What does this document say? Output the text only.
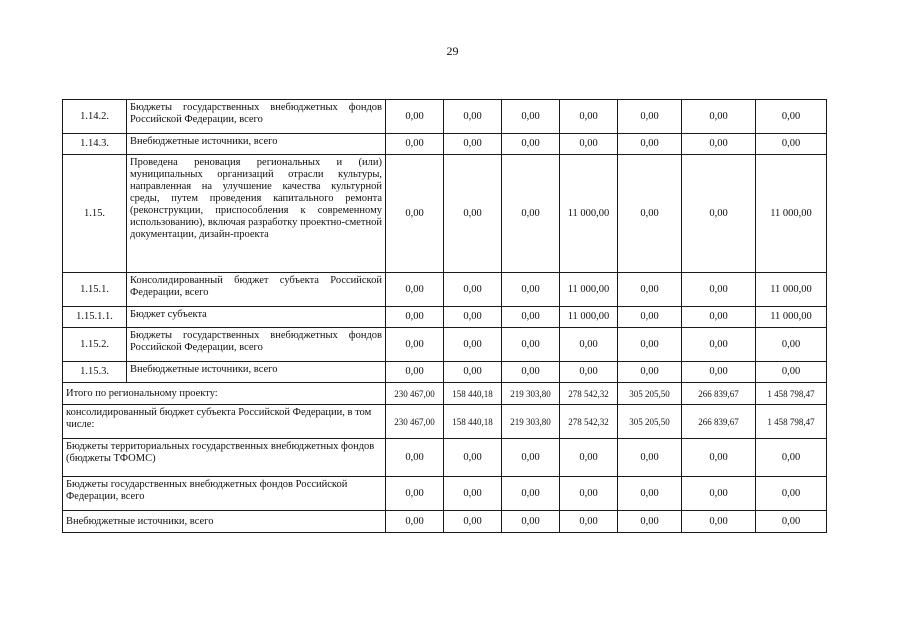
29
1.14.2.	Бюджеты государственных внебюджетных фондов Российской Федерации, всего	0,00	0,00	0,00	0,00	0,00	0,00	0,00
1.14.3.	Внебюджетные источники, всего	0,00	0,00	0,00	0,00	0,00	0,00	0,00
1.15.	Проведена реновация региональных и (или) муниципальных организаций отрасли культуры, направленная на улучшение качества культурной среды, путем проведения капитального ремонта (реконструкции, приспособления к современному использованию), включая разработку проектно-сметной документации, дизайн-проекта	0,00	0,00	0,00	11 000,00	0,00	0,00	11 000,00
1.15.1.	Консолидированный бюджет субъекта Российской Федерации, всего	0,00	0,00	0,00	11 000,00	0,00	0,00	11 000,00
1.15.1.1.	Бюджет субъекта	0,00	0,00	0,00	11 000,00	0,00	0,00	11 000,00
1.15.2.	Бюджеты государственных внебюджетных фондов Российской Федерации, всего	0,00	0,00	0,00	0,00	0,00	0,00	0,00
1.15.3.	Внебюджетные источники, всего	0,00	0,00	0,00	0,00	0,00	0,00	0,00
Итого по региональному проекту:		230 467,00	158 440,18	219 303,80	278 542,32	305 205,50	266 839,67	1 458 798,47
консолидированный бюджет субъекта Российской Федерации, в том числе:		230 467,00	158 440,18	219 303,80	278 542,32	305 205,50	266 839,67	1 458 798,47
Бюджеты территориальных государственных внебюджетных фондов (бюджеты ТФОМС)		0,00	0,00	0,00	0,00	0,00	0,00	0,00
Бюджеты государственных внебюджетных фондов Российской Федерации, всего		0,00	0,00	0,00	0,00	0,00	0,00	0,00
Внебюджетные источники, всего		0,00	0,00	0,00	0,00	0,00	0,00	0,00
